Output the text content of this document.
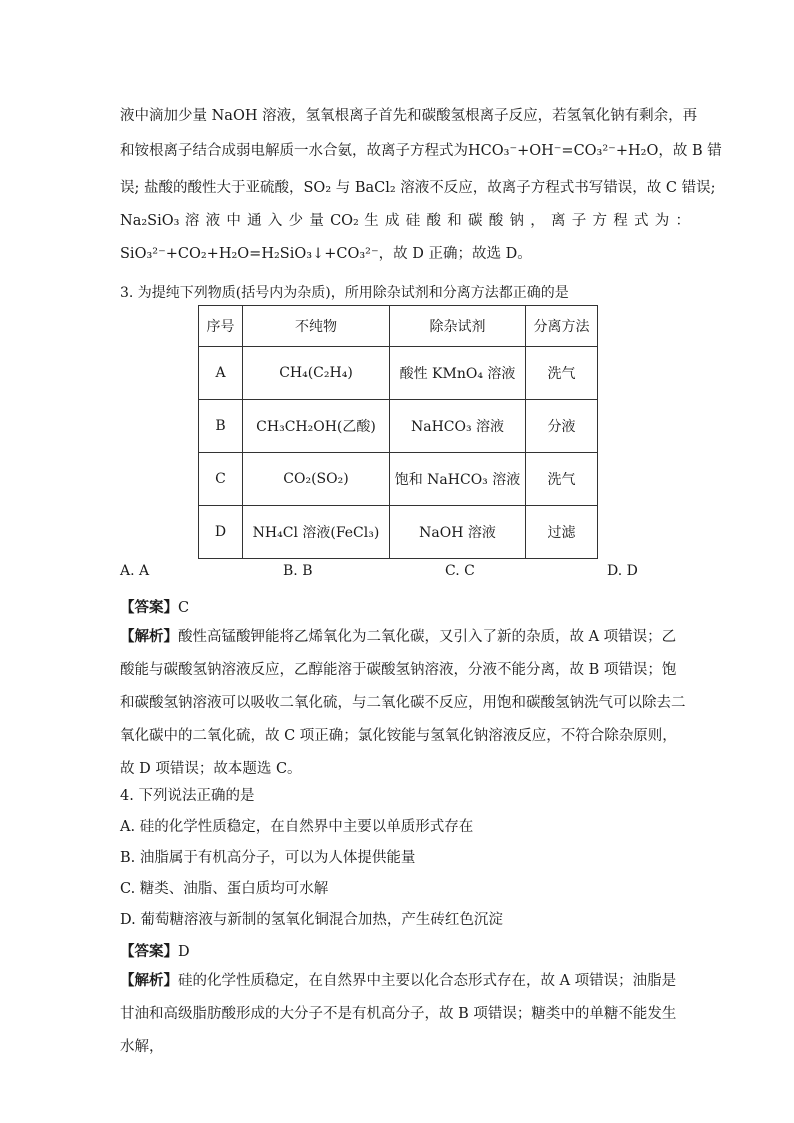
液中滴加少量 NaOH 溶液，氢氧根离子首先和碳酸氢根离子反应，若氢氧化钠有剩余，再
和铵根离子结合成弱电解质一水合氨，故离子方程式为HCO₃⁻+OH⁻=CO₃²⁻+H₂O，故 B 错
误; 盐酸的酸性大于亚硫酸，SO₂ 与 BaCl₂ 溶液不反应，故离子方程式书写错误，故 C 错误;
Na₂SiO₃ 溶 液 中 通 入 少 量 CO₂ 生 成 硅 酸 和 碳 酸 钠 ， 离 子 方 程 式 为 ：
SiO₃²⁻+CO₂+H₂O=H₂SiO₃↓+CO₃²⁻，故 D 正确；故选 D。
3. 为提纯下列物质(括号内为杂质)，所用除杂试剂和分离方法都正确的是
序号	不纯物	除杂试剂	分离方法
A	CH₄(C₂H₄)	酸性 KMnO₄ 溶液	洗气
B	CH₃CH₂OH(乙酸)	NaHCO₃ 溶液	分液
C	CO₂(SO₂)	饱和 NaHCO₃ 溶液	洗气
D	NH₄Cl 溶液(FeCl₃)	NaOH 溶液	过滤
A. A	B. B	C. C	D. D
【答案】C
【解析】酸性高锰酸钾能将乙烯氧化为二氧化碳，又引入了新的杂质，故 A 项错误；乙酸能与碳酸氢钠溶液反应，乙醇能溶于碳酸氢钠溶液，分液不能分离，故 B 项错误；饱和碳酸氢钠溶液可以吸收二氧化硫，与二氧化碳不反应，用饱和碳酸氢钠洗气可以除去二氧化碳中的二氧化硫，故 C 项正确；氯化铵能与氢氧化钠溶液反应，不符合除杂原则，故 D 项错误；故本题选 C。
4. 下列说法正确的是
A. 硅的化学性质稳定，在自然界中主要以单质形式存在
B. 油脂属于有机高分子，可以为人体提供能量
C. 糖类、油脂、蛋白质均可水解
D. 葡萄糖溶液与新制的氢氧化铜混合加热，产生砖红色沉淀
【答案】D
【解析】硅的化学性质稳定，在自然界中主要以化合态形式存在，故 A 项错误；油脂是甘油和高级脂肪酸形成的大分子不是有机高分子，故 B 项错误；糖类中的单糖不能发生水解，
